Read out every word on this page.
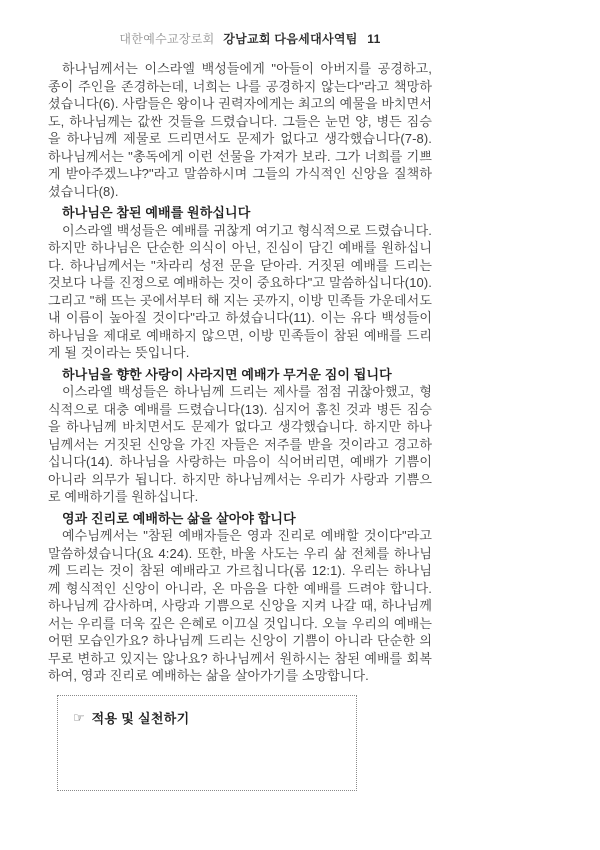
대한예수교장로회 강남교회 다음세대사역팀 11

하나님께서는 이스라엘 백성들에게 "아들이 아버지를 공경하고, 종이 주인을 존경하는데, 너희는 나를 공경하지 않는다"라고 책망하셨습니다(6). 사람들은 왕이나 권력자에게는 최고의 예물을 바치면서도, 하나님께는 값싼 것들을 드렸습니다. 그들은 눈먼 양, 병든 짐승을 하나님께 제물로 드리면서도 문제가 없다고 생각했습니다(7-8). 하나님께서는 "총독에게 이런 선물을 가져가 보라. 그가 너희를 기쁘게 받아주겠느냐?"라고 말씀하시며 그들의 가식적인 신앙을 질책하셨습니다(8).

하나님은 참된 예배를 원하십니다

이스라엘 백성들은 예배를 귀찮게 여기고 형식적으로 드렸습니다. 하지만 하나님은 단순한 의식이 아닌, 진심이 담긴 예배를 원하십니다. 하나님께서는 "차라리 성전 문을 닫아라. 거짓된 예배를 드리는 것보다 나를 진정으로 예배하는 것이 중요하다"고 말씀하십니다(10). 그리고 "해 뜨는 곳에서부터 해 지는 곳까지, 이방 민족들 가운데서도 내 이름이 높아질 것이다"라고 하셨습니다(11). 이는 유다 백성들이 하나님을 제대로 예배하지 않으면, 이방 민족들이 참된 예배를 드리게 될 것이라는 뜻입니다.

하나님을 향한 사랑이 사라지면 예배가 무거운 짐이 됩니다

이스라엘 백성들은 하나님께 드리는 제사를 점점 귀찮아했고, 형식적으로 대충 예배를 드렸습니다(13). 심지어 훔친 것과 병든 짐승을 하나님께 바치면서도 문제가 없다고 생각했습니다. 하지만 하나님께서는 거짓된 신앙을 가진 자들은 저주를 받을 것이라고 경고하십니다(14). 하나님을 사랑하는 마음이 식어버리면, 예배가 기쁨이 아니라 의무가 됩니다. 하지만 하나님께서는 우리가 사랑과 기쁨으로 예배하기를 원하십니다.

영과 진리로 예배하는 삶을 살아야 합니다

예수님께서는 "참된 예배자들은 영과 진리로 예배할 것이다"라고 말씀하셨습니다(요 4:24). 또한, 바울 사도는 우리 삶 전체를 하나님께 드리는 것이 참된 예배라고 가르칩니다(롬 12:1). 우리는 하나님께 형식적인 신앙이 아니라, 온 마음을 다한 예배를 드려야 합니다. 하나님께 감사하며, 사랑과 기쁨으로 신앙을 지켜 나갈 때, 하나님께서는 우리를 더욱 깊은 은혜로 이끄실 것입니다. 오늘 우리의 예배는 어떤 모습인가요? 하나님께 드리는 신앙이 기쁨이 아니라 단순한 의무로 변하고 있지는 않나요? 하나님께서 원하시는 참된 예배를 회복하여, 영과 진리로 예배하는 삶을 살아가기를 소망합니다.

☞ 적용 및 실천하기
